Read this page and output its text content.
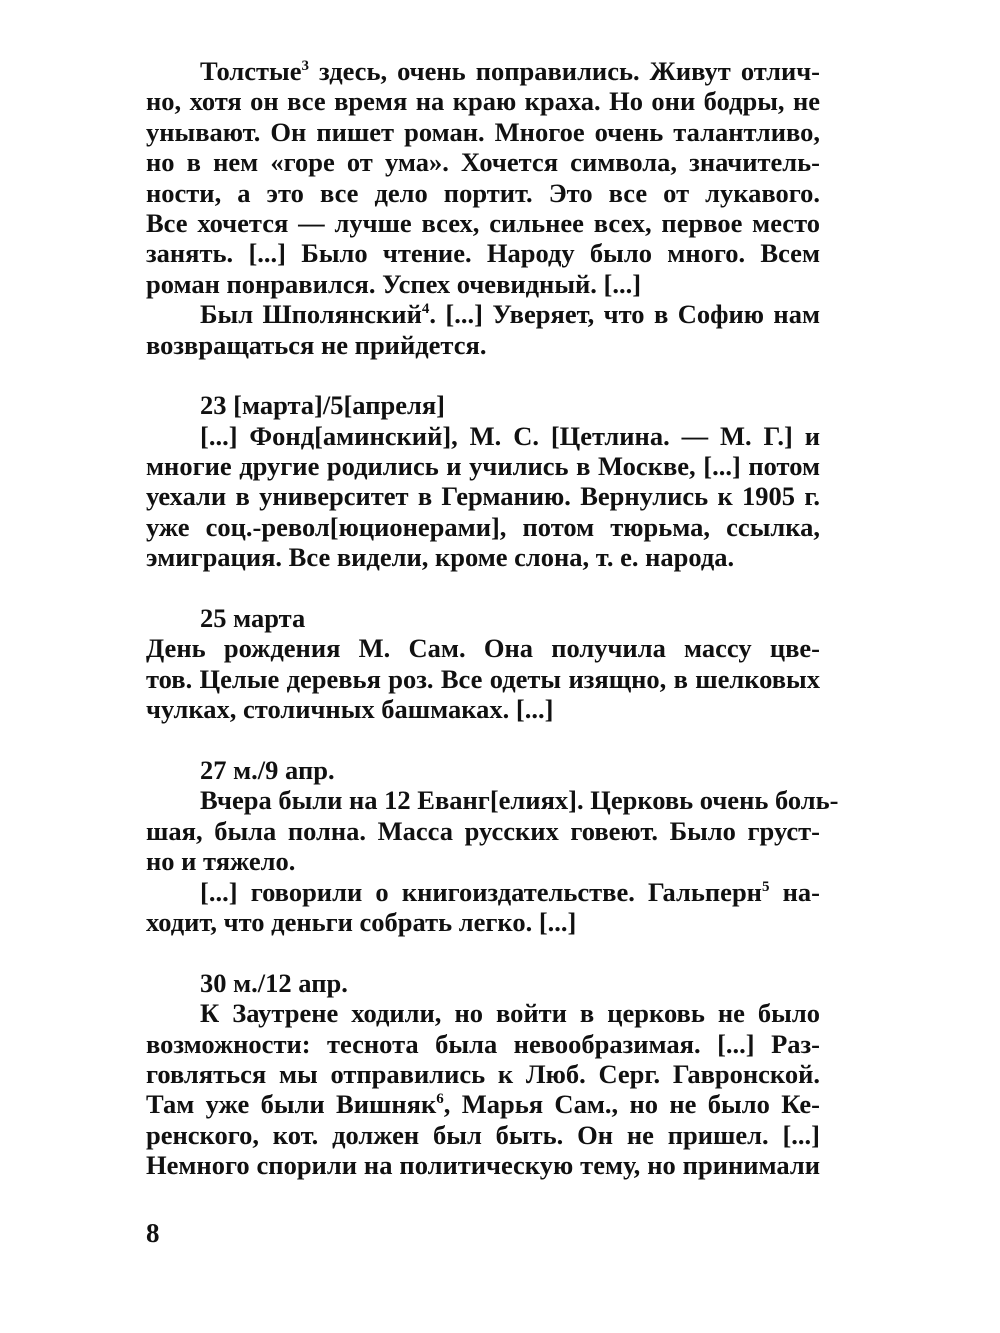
Толстые$^3$ здесь, очень поправились. Живут отлич-
но, хотя он все время на краю краха. Но они бодры, не
унывают. Он пишет роман. Многое очень талантливо,
но в нем «горе от ума». Хочется символа, значитель-
ности, а это все дело портит. Это все от лукавого.
Все хочется — лучше всех, сильнее всех, первое место
занять. [...] Было чтение. Народу было много. Всем
роман понравился. Успех очевидный. [...]
Был Шполянский$^4$. [...] Уверяет, что в Софию нам
возвращаться не прийдется.
23 [марта]/5[апреля]
[...] Фонд[аминский], М. С. [Цетлина. — М. Г.] и
многие другие родились и учились в Москве, [...] потом
уехали в университет в Германию. Вернулись к 1905 г.
уже соц.-револ[юционерами], потом тюрьма, ссылка,
эмиграция. Все видели, кроме слона, т. е. народа.
25 марта
День рождения М. Сам. Она получила массу цве-
тов. Целые деревья роз. Все одеты изящно, в шелковых
чулках, столичных башмаках. [...]
27 м./9 апр.
Вчера были на 12 Еванг[елиях]. Церковь очень боль-
шая, была полна. Масса русских говеют. Было груст-
но и тяжело.
[...] говорили о книгоиздательстве. Гальперн$^5$ на-
ходит, что деньги собрать легко. [...]
30 м./12 апр.
К Заутрене ходили, но войти в церковь не было
возможности: теснота была невообразимая. [...] Раз-
говляться мы отправились к Люб. Серг. Гавронской.
Там уже были Вишняк$^6$, Марья Сам., но не было Ке-
ренского, кот. должен был быть. Он не пришел. [...]
Немного спорили на политическую тему, но принимали
8
